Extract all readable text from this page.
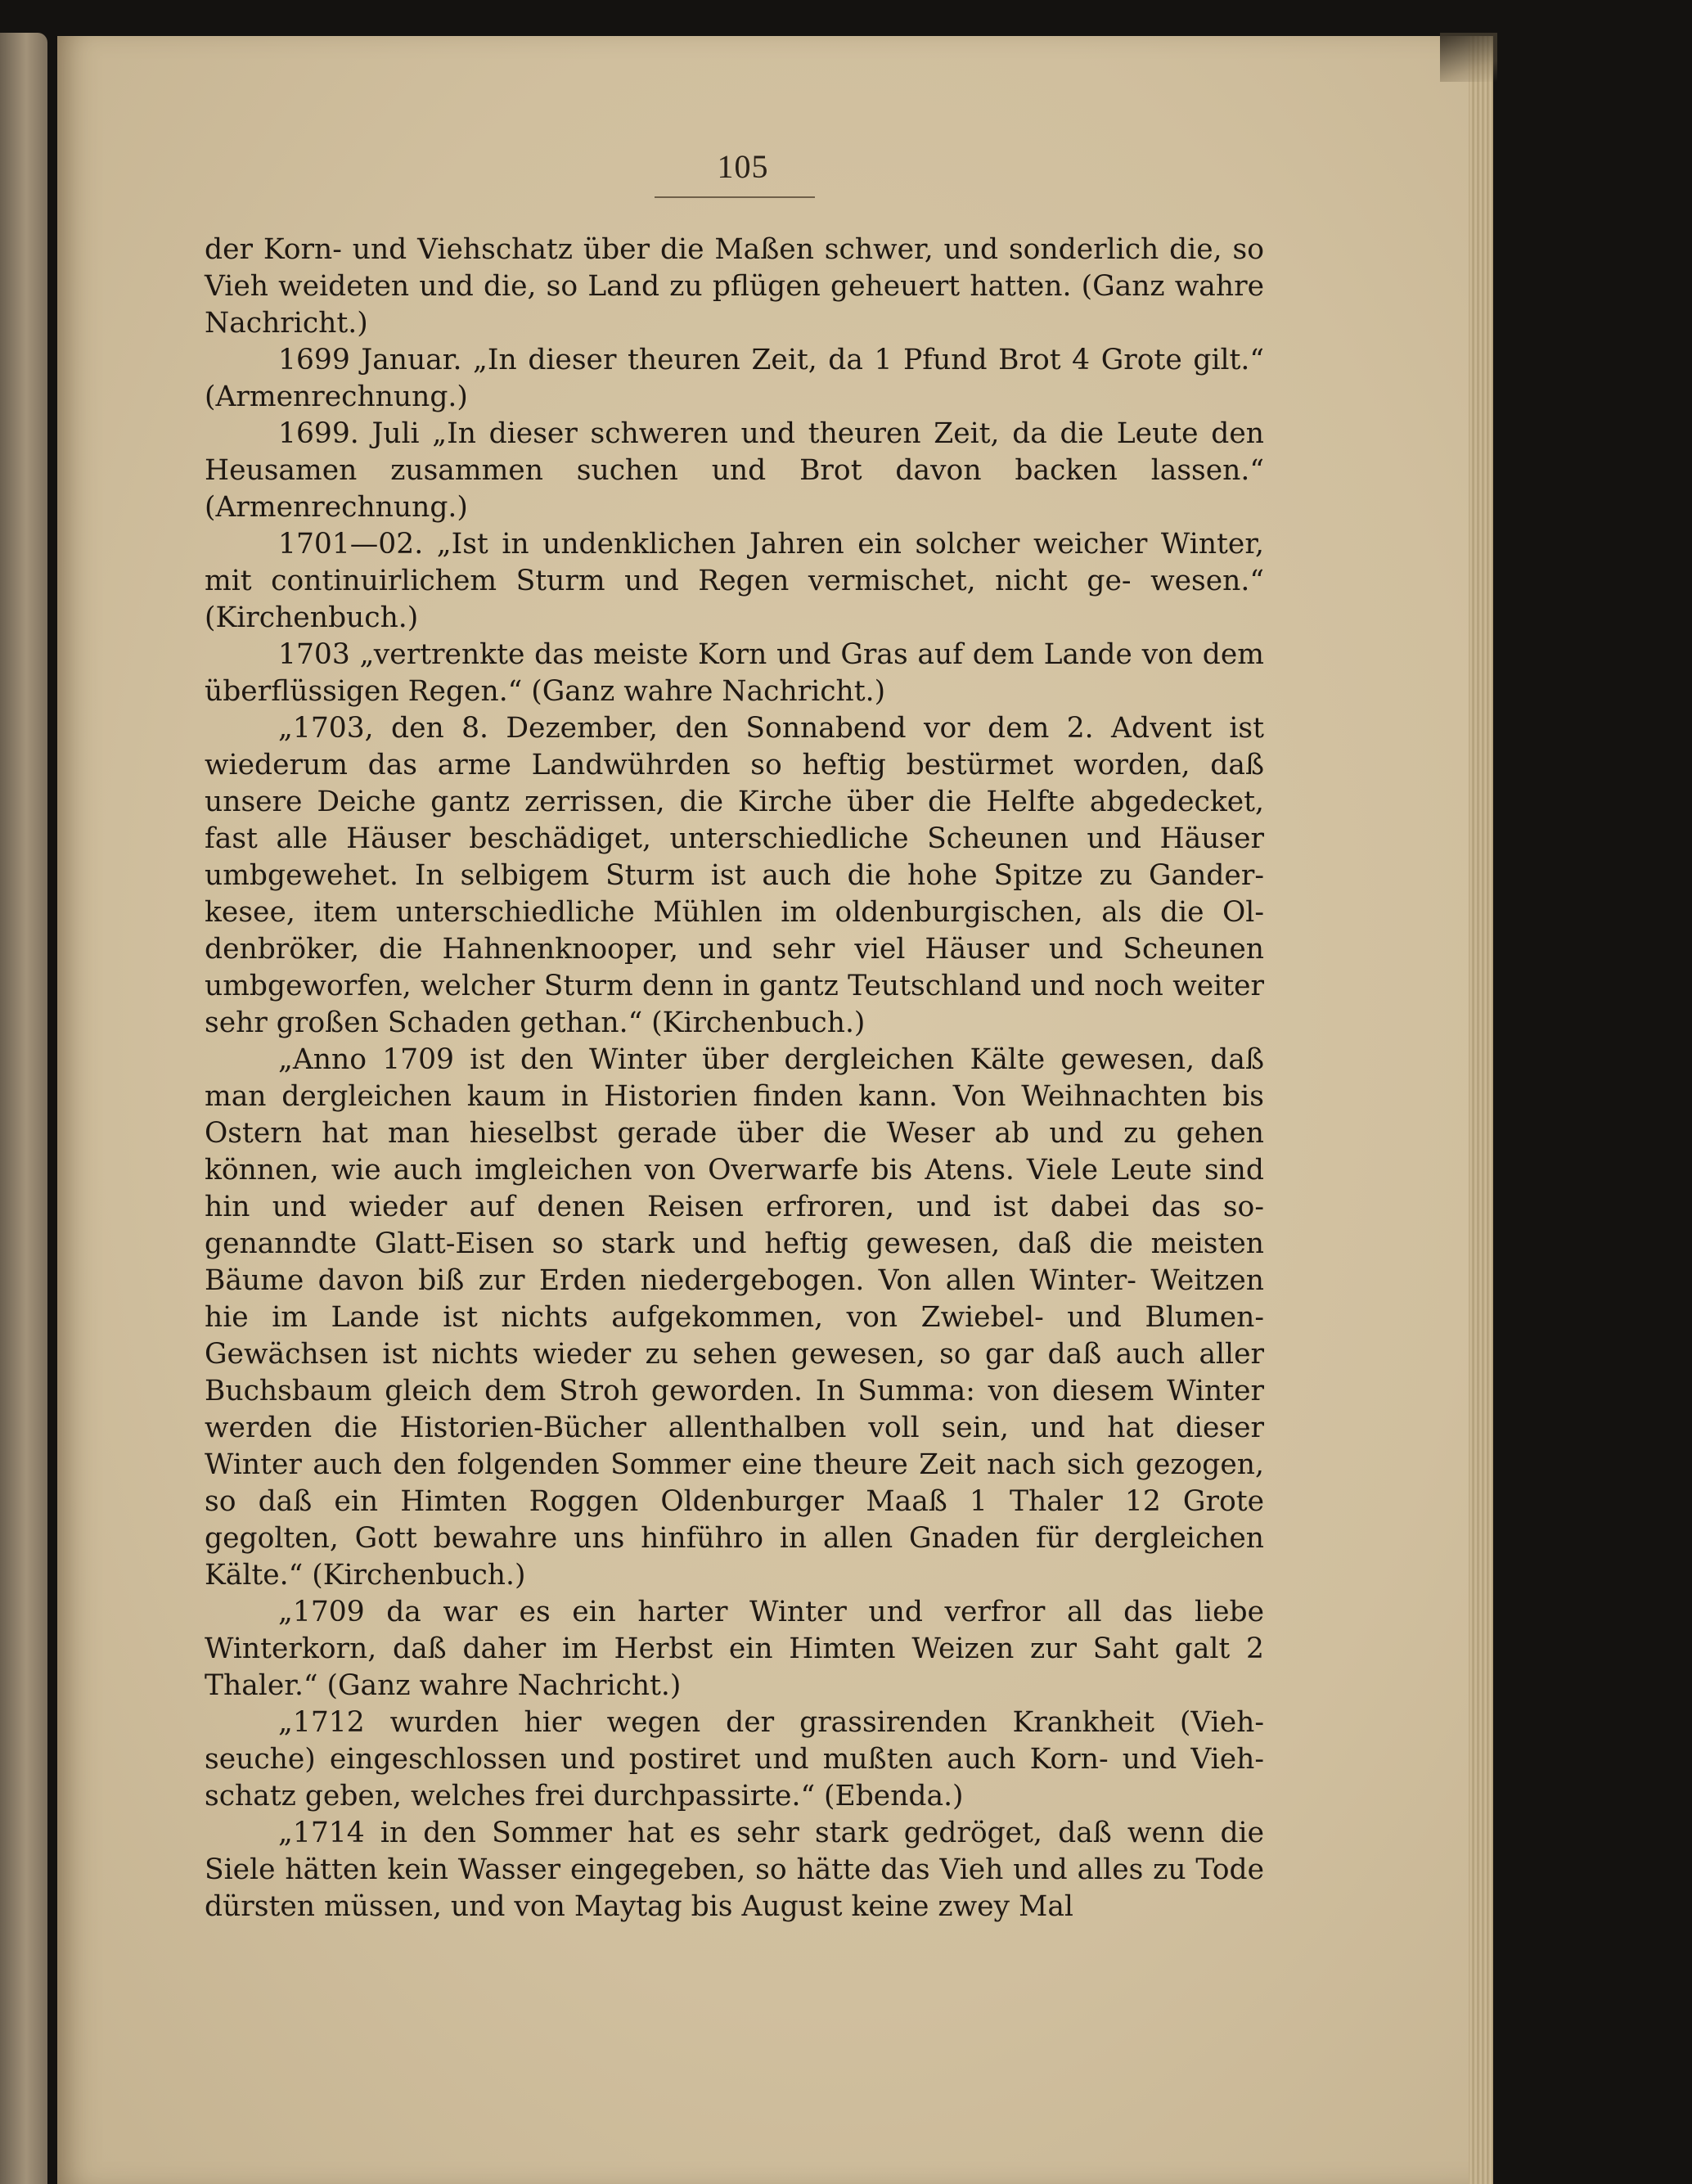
105

der Korn- und Viehschatz über die Maßen schwer, und sonderlich die, so Vieh weideten und die, so Land zu pflügen geheuert hatten. (Ganz wahre Nachricht.)

1699 Januar. „In dieser theuren Zeit, da 1 Pfund Brot 4 Grote gilt.“ (Armenrechnung.)

1699. Juli „In dieser schweren und theuren Zeit, da die Leute den Heusamen zusammen suchen und Brot davon backen lassen.“ (Armenrechnung.)

1701—02. „Ist in undenklichen Jahren ein solcher weicher Winter, mit continuirlichem Sturm und Regen vermischet, nicht ge- wesen.“ (Kirchenbuch.)

1703 „vertrenkte das meiste Korn und Gras auf dem Lande von dem überflüssigen Regen.“ (Ganz wahre Nachricht.)

„1703, den 8. Dezember, den Sonnabend vor dem 2. Advent ist wiederum das arme Landwührden so heftig bestürmet worden, daß unsere Deiche gantz zerrissen, die Kirche über die Helfte abgedecket, fast alle Häuser beschädiget, unterschiedliche Scheunen und Häuser umbgewehet. In selbigem Sturm ist auch die hohe Spitze zu Gander- kesee, item unterschiedliche Mühlen im oldenburgischen, als die Ol- denbröker, die Hahnenknooper, und sehr viel Häuser und Scheunen umbgeworfen, welcher Sturm denn in gantz Teutschland und noch weiter sehr großen Schaden gethan.“ (Kirchenbuch.)

„Anno 1709 ist den Winter über dergleichen Kälte gewesen, daß man dergleichen kaum in Historien finden kann. Von Weihnachten bis Ostern hat man hieselbst gerade über die Weser ab und zu gehen können, wie auch imgleichen von Overwarfe bis Atens. Viele Leute sind hin und wieder auf denen Reisen erfroren, und ist dabei das so- genanndte Glatt-Eisen so stark und heftig gewesen, daß die meisten Bäume davon biß zur Erden niedergebogen. Von allen Winter- Weitzen hie im Lande ist nichts aufgekommen, von Zwiebel- und Blumen-Gewächsen ist nichts wieder zu sehen gewesen, so gar daß auch aller Buchsbaum gleich dem Stroh geworden. In Summa: von diesem Winter werden die Historien-Bücher allenthalben voll sein, und hat dieser Winter auch den folgenden Sommer eine theure Zeit nach sich gezogen, so daß ein Himten Roggen Oldenburger Maaß 1 Thaler 12 Grote gegolten, Gott bewahre uns hinführo in allen Gnaden für dergleichen Kälte.“ (Kirchenbuch.)

„1709 da war es ein harter Winter und verfror all das liebe Winterkorn, daß daher im Herbst ein Himten Weizen zur Saht galt 2 Thaler.“ (Ganz wahre Nachricht.)

„1712 wurden hier wegen der grassirenden Krankheit (Vieh- seuche) eingeschlossen und postiret und mußten auch Korn- und Vieh- schatz geben, welches frei durchpassirte.“ (Ebenda.)

„1714 in den Sommer hat es sehr stark gedröget, daß wenn die Siele hätten kein Wasser eingegeben, so hätte das Vieh und alles zu Tode dürsten müssen, und von Maytag bis August keine zwey Mal
